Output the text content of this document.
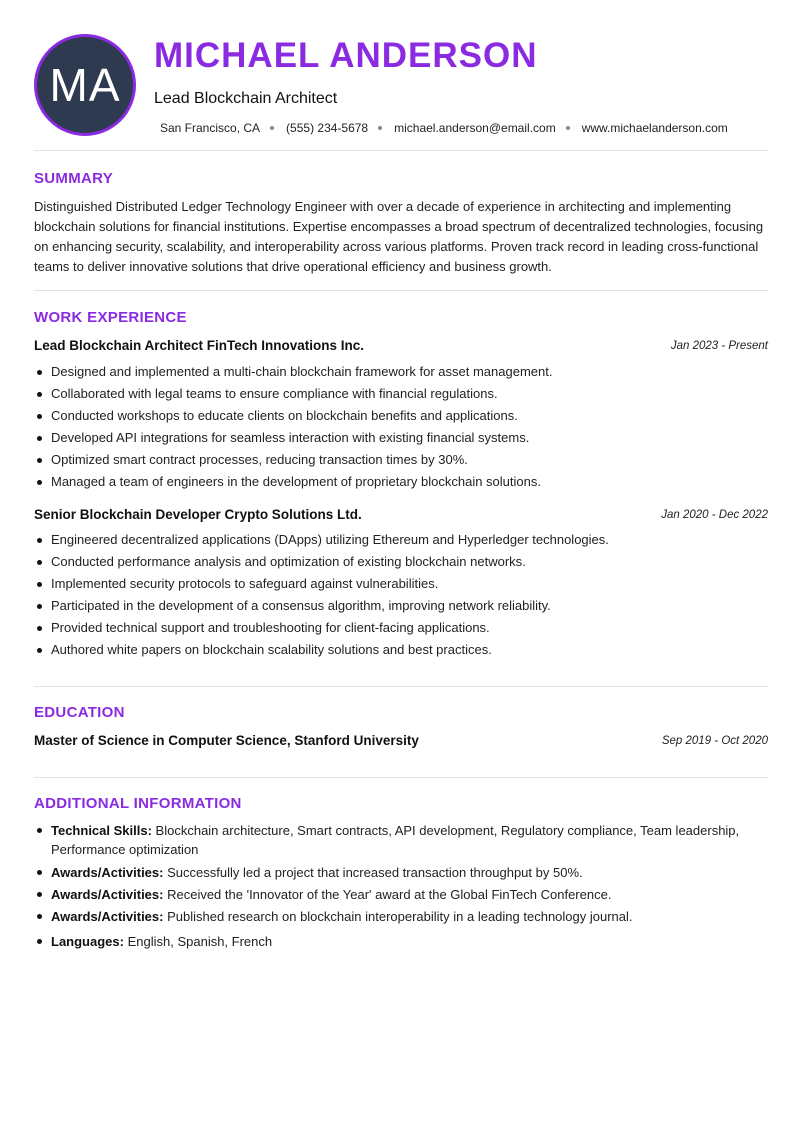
MA
MICHAEL ANDERSON
Lead Blockchain Architect
San Francisco, CA (555) 234-5678 michael.anderson@email.com www.michaelanderson.com
SUMMARY
Distinguished Distributed Ledger Technology Engineer with over a decade of experience in architecting and implementing blockchain solutions for financial institutions. Expertise encompasses a broad spectrum of decentralized technologies, focusing on enhancing security, scalability, and interoperability across various platforms. Proven track record in leading cross-functional teams to deliver innovative solutions that drive operational efficiency and business growth.
WORK EXPERIENCE
Lead Blockchain Architect FinTech Innovations Inc.	Jan 2023 - Present
Designed and implemented a multi-chain blockchain framework for asset management.
Collaborated with legal teams to ensure compliance with financial regulations.
Conducted workshops to educate clients on blockchain benefits and applications.
Developed API integrations for seamless interaction with existing financial systems.
Optimized smart contract processes, reducing transaction times by 30%.
Managed a team of engineers in the development of proprietary blockchain solutions.
Senior Blockchain Developer Crypto Solutions Ltd.	Jan 2020 - Dec 2022
Engineered decentralized applications (DApps) utilizing Ethereum and Hyperledger technologies.
Conducted performance analysis and optimization of existing blockchain networks.
Implemented security protocols to safeguard against vulnerabilities.
Participated in the development of a consensus algorithm, improving network reliability.
Provided technical support and troubleshooting for client-facing applications.
Authored white papers on blockchain scalability solutions and best practices.
EDUCATION
Master of Science in Computer Science, Stanford University	Sep 2019 - Oct 2020
ADDITIONAL INFORMATION
Technical Skills: Blockchain architecture, Smart contracts, API development, Regulatory compliance, Team leadership, Performance optimization
Awards/Activities: Successfully led a project that increased transaction throughput by 50%.
Awards/Activities: Received the 'Innovator of the Year' award at the Global FinTech Conference.
Awards/Activities: Published research on blockchain interoperability in a leading technology journal.
Languages: English, Spanish, French
